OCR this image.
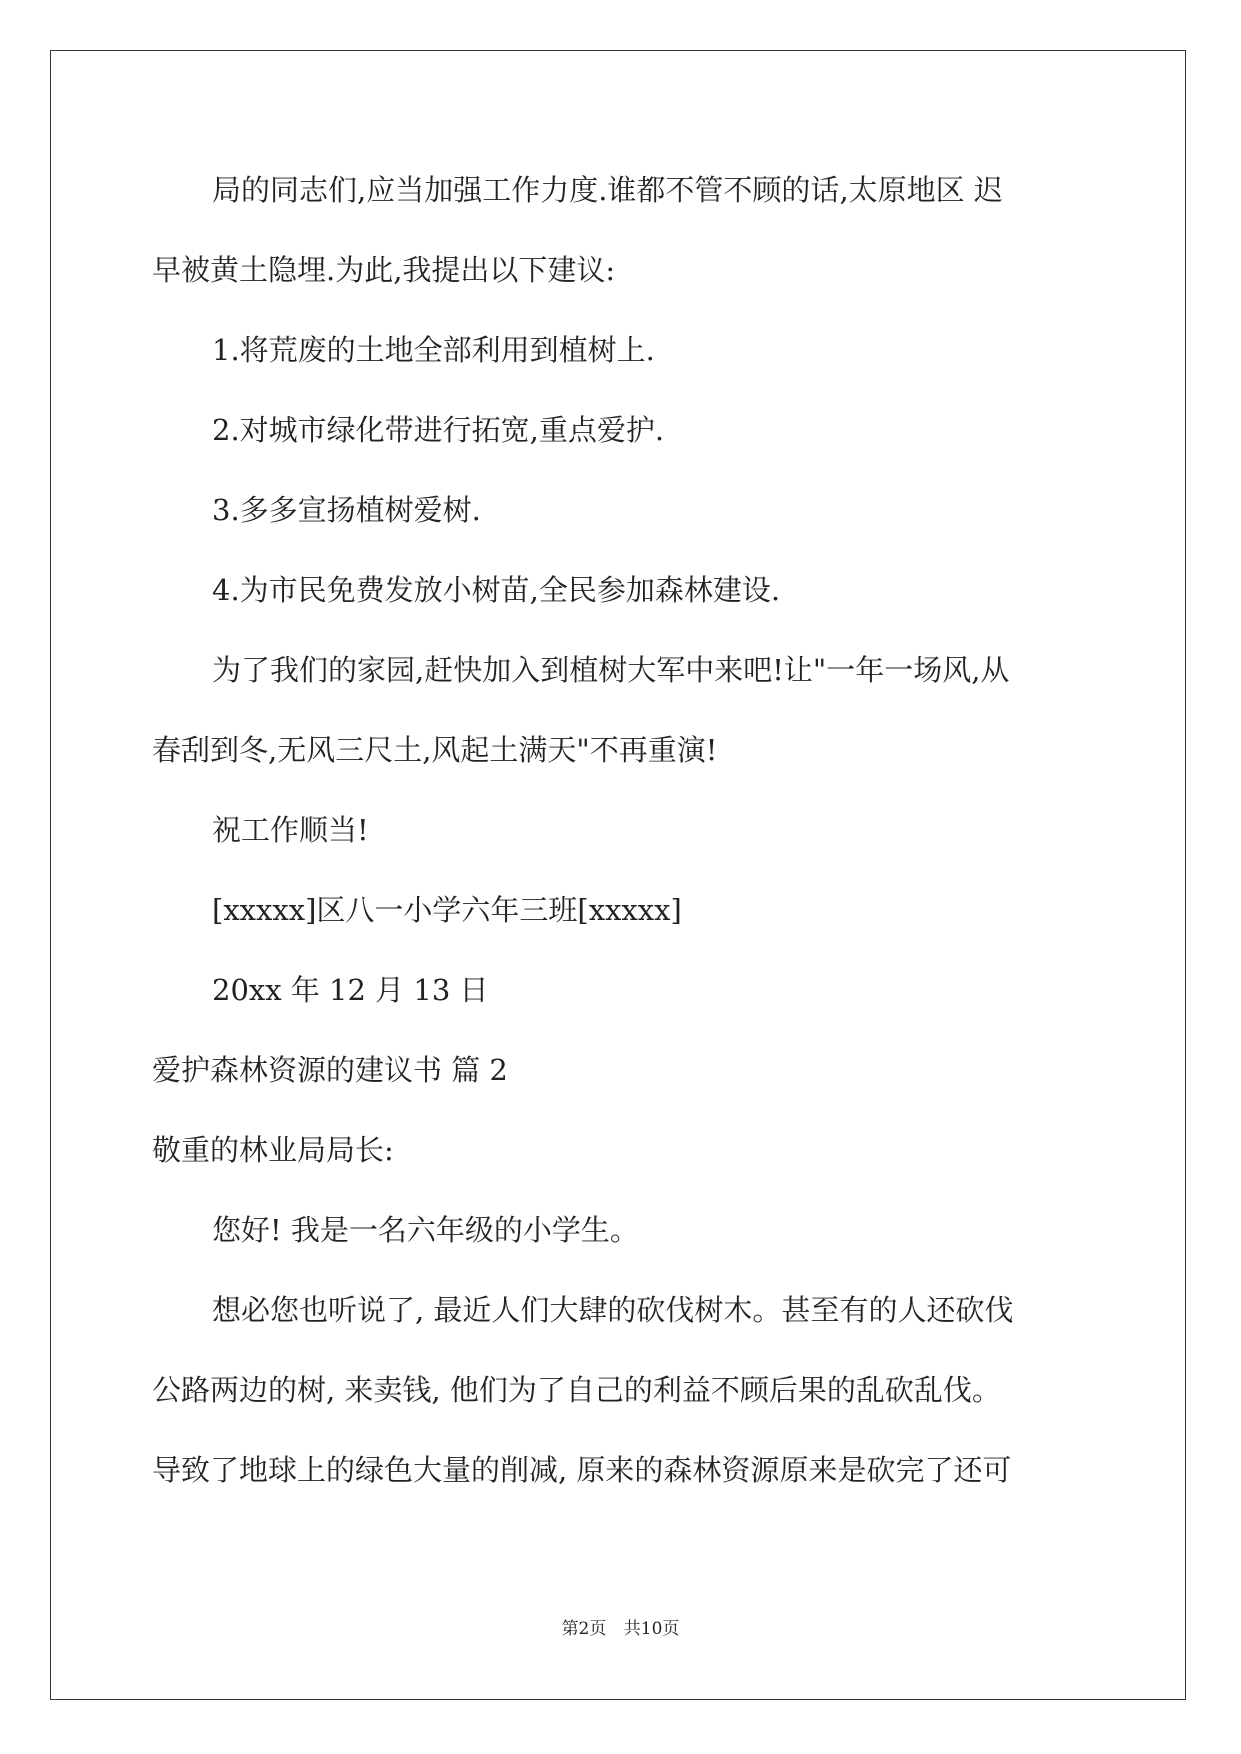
局的同志们,应当加强工作力度.谁都不管不顾的话,太原地区 迟
早被黄土隐埋.为此,我提出以下建议:
1.将荒废的土地全部利用到植树上.
2.对城市绿化带进行拓宽,重点爱护.
3.多多宣扬植树爱树.
4.为市民免费发放小树苗,全民参加森林建设.
为了我们的家园,赶快加入到植树大军中来吧!让"一年一场风,从
春刮到冬,无风三尺土,风起土满天"不再重演!
祝工作顺当!
[xxxxx]区八一小学六年三班[xxxxx]
20xx 年 12 月 13 日
爱护森林资源的建议书 篇 2
敬重的林业局局长:
您好! 我是一名六年级的小学生。
想必您也听说了, 最近人们大肆的砍伐树木。甚至有的人还砍伐
公路两边的树, 来卖钱, 他们为了自己的利益不顾后果的乱砍乱伐。
导致了地球上的绿色大量的削减, 原来的森林资源原来是砍完了还可
第2页 共10页
